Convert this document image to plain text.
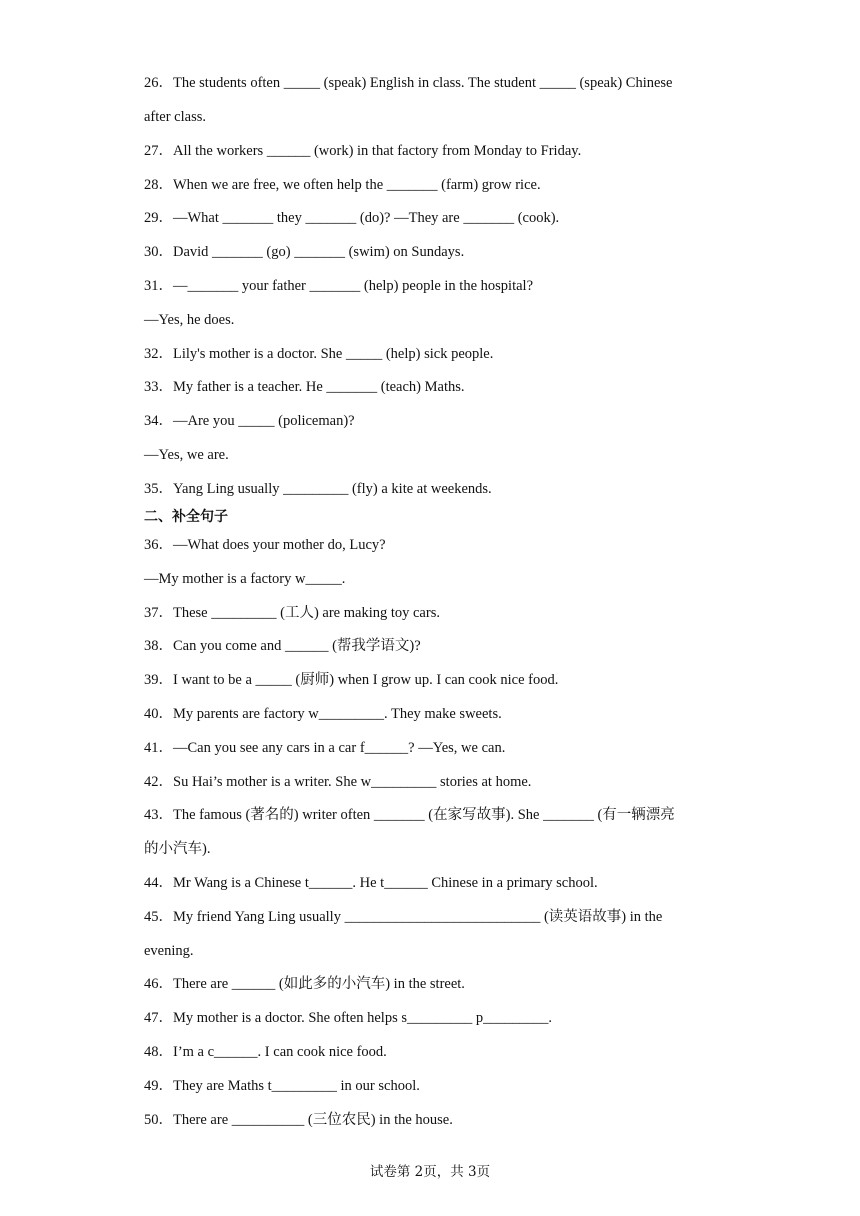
26．The students often _____ (speak) English in class. The student _____ (speak) Chinese
after class.
27．All the workers ______ (work) in that factory from Monday to Friday.
28．When we are free, we often help the _______ (farm) grow rice.
29．—What _______ they _______ (do)? —They are _______ (cook).
30．David _______ (go) _______ (swim) on Sundays.
31．—_______ your father _______ (help) people in the hospital?
—Yes, he does.
32．Lily's mother is a doctor. She _____ (help) sick people.
33．My father is a teacher. He _______ (teach) Maths.
34．—Are you _____ (policeman)?
—Yes, we are.
35．Yang Ling usually _________ (fly) a kite at weekends.
二、补全句子
36．—What does your mother do, Lucy?
—My mother is a factory w_____.
37．These _________ (工人) are making toy cars.
38．Can you come and ______ (帮我学语文)?
39．I want to be a _____ (厨师) when I grow up. I can cook nice food.
40．My parents are factory w_________. They make sweets.
41．—Can you see any cars in a car f______? —Yes, we can.
42．Su Hai’s mother is a writer. She w_________ stories at home.
43．The famous (著名的) writer often _______ (在家写故事). She _______ (有一辆漂亮
的小汽车).
44．Mr Wang is a Chinese t______. He t______ Chinese in a primary school.
45．My friend Yang Ling usually ___________________________ (读英语故事) in the
evening.
46．There are ______ (如此多的小汽车) in the street.
47．My mother is a doctor. She often helps s_________ p_________.
48．I’m a c______. I can cook nice food.
49．They are Maths t_________ in our school.
50．There are __________ (三位农民) in the house.
试卷第 2页，共 3页
